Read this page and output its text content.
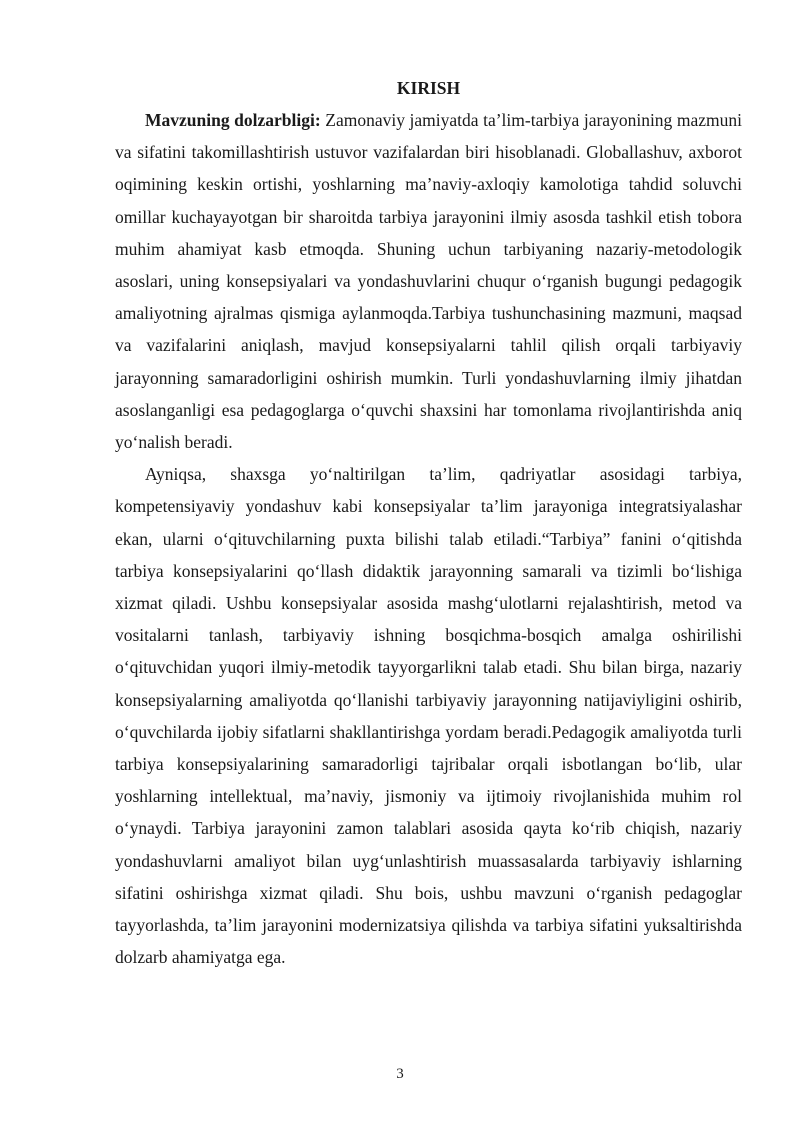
KIRISH

Mavzuning dolzarbligi: Zamonaviy jamiyatda ta’lim-tarbiya jarayonining mazmuni va sifatini takomillashtirish ustuvor vazifalardan biri hisoblanadi. Globallashuv, axborot oqimining keskin ortishi, yoshlarning ma’naviy-axloqiy kamolotiga tahdid soluvchi omillar kuchayayotgan bir sharoitda tarbiya jarayonini ilmiy asosda tashkil etish tobora muhim ahamiyat kasb etmoqda. Shuning uchun tarbiyaning nazariy-metodologik asoslari, uning konsepsiyalari va yondashuvlarini chuqur o‘rganish bugungi pedagogik amaliyotning ajralmas qismiga aylanmoqda.Tarbiya tushunchasining mazmuni, maqsad va vazifalarini aniqlash, mavjud konsepsiyalarni tahlil qilish orqali tarbiyaviy jarayonning samaradorligini oshirish mumkin. Turli yondashuvlarning ilmiy jihatdan asoslanganligi esa pedagoglarga o‘quvchi shaxsini har tomonlama rivojlantirishda aniq yo‘nalish beradi.

Ayniqsa, shaxsga yo‘naltirilgan ta’lim, qadriyatlar asosidagi tarbiya, kompetensiyaviy yondashuv kabi konsepsiyalar ta’lim jarayoniga integratsiyalashar ekan, ularni o‘qituvchilarning puxta bilishi talab etiladi.“Tarbiya” fanini o‘qitishda tarbiya konsepsiyalarini qo‘llash didaktik jarayonning samarali va tizimli bo‘lishiga xizmat qiladi. Ushbu konsepsiyalar asosida mashg‘ulotlarni rejalashtirish, metod va vositalarni tanlash, tarbiyaviy ishning bosqichma-bosqich amalga oshirilishi o‘qituvchidan yuqori ilmiy-metodik tayyorgarlikni talab etadi. Shu bilan birga, nazariy konsepsiyalarning amaliyotda qo‘llanishi tarbiyaviy jarayonning natijaviyligini oshirib, o‘quvchilarda ijobiy sifatlarni shakllantirishga yordam beradi.Pedagogik amaliyotda turli tarbiya konsepsiyalarining samaradorligi tajribalar orqali isbotlangan bo‘lib, ular yoshlarning intellektual, ma’naviy, jismoniy va ijtimoiy rivojlanishida muhim rol o‘ynaydi. Tarbiya jarayonini zamon talablari asosida qayta ko‘rib chiqish, nazariy yondashuvlarni amaliyot bilan uyg‘unlashtirish muassasalarda tarbiyaviy ishlarning sifatini oshirishga xizmat qiladi. Shu bois, ushbu mavzuni o‘rganish pedagoglar tayyorlashda, ta’lim jarayonini modernizatsiya qilishda va tarbiya sifatini yuksaltirishda dolzarb ahamiyatga ega.

3
